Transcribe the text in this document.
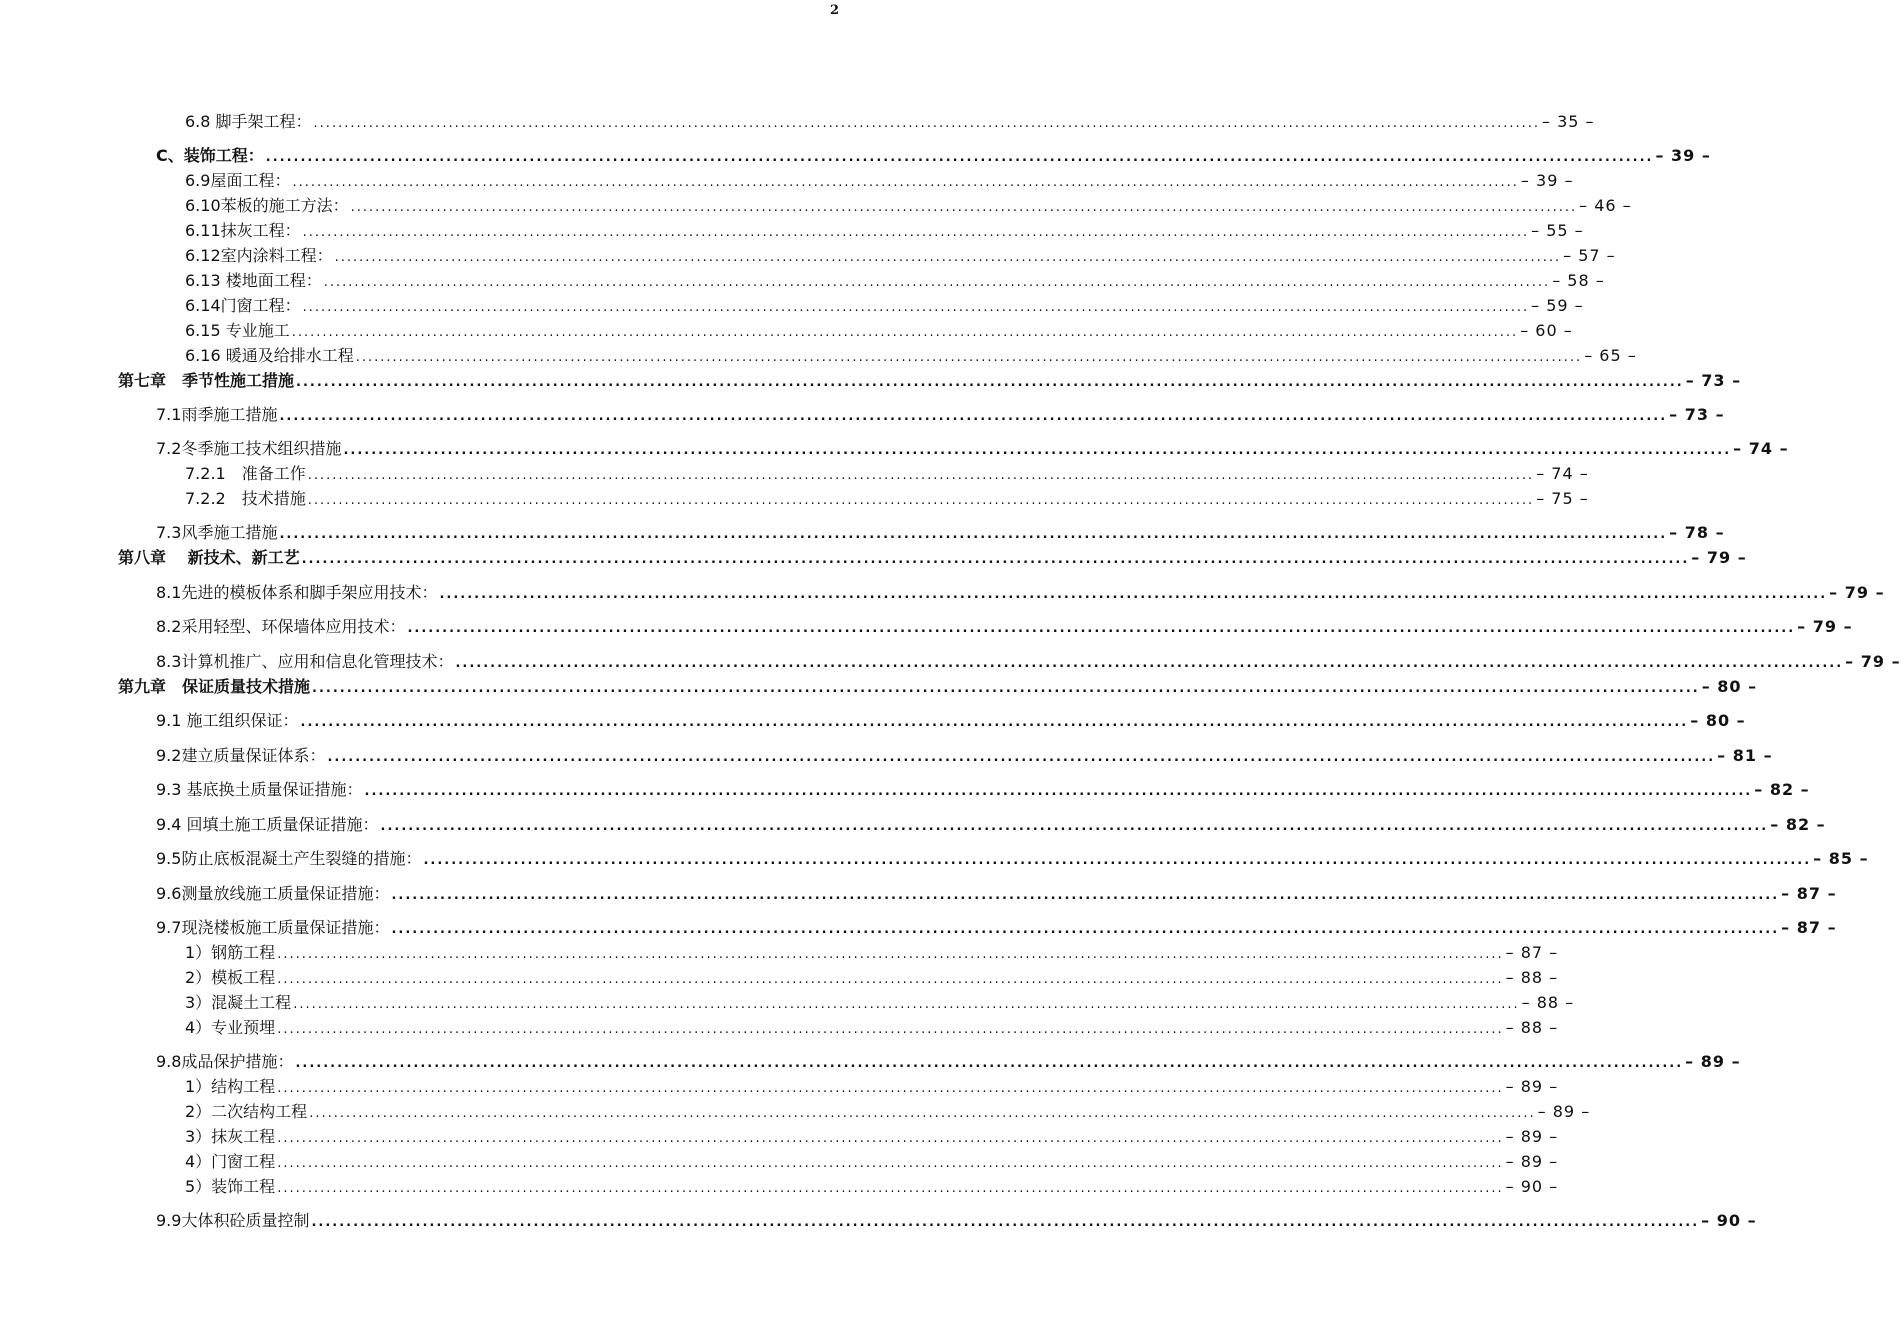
2
6.8 脚手架工程： ........................................................................................................................................................................................................ – 35 –
C、装饰工程： ........................................................................................................................................................................................................ – 39 –
6.9屋面工程： ........................................................................................................................................................................................................ – 39 –
6.10苯板的施工方法： ........................................................................................................................................................................................................ – 46 –
6.11抹灰工程： ........................................................................................................................................................................................................ – 55 –
6.12室内涂料工程： ........................................................................................................................................................................................................ – 57 –
6.13 楼地面工程： ........................................................................................................................................................................................................ – 58 –
6.14门窗工程： ........................................................................................................................................................................................................ – 59 –
6.15 专业施工 ........................................................................................................................................................................................................ – 60 –
6.16 暖通及给排水工程 ........................................................................................................................................................................................................ – 65 –
第七章　季节性施工措施 ........................................................................................................................................................................................................ – 73 –
7.1雨季施工措施 ........................................................................................................................................................................................................ – 73 –
7.2冬季施工技术组织措施 ........................................................................................................................................................................................................ – 74 –
7.2.1　准备工作 ........................................................................................................................................................................................................ – 74 –
7.2.2　技术措施 ........................................................................................................................................................................................................ – 75 –
7.3风季施工措施 ........................................................................................................................................................................................................ – 78 –
第八章　 新技术、新工艺 ........................................................................................................................................................................................................ – 79 –
8.1先进的模板体系和脚手架应用技术： ........................................................................................................................................................................................................ – 79 –
8.2采用轻型、环保墙体应用技术： ........................................................................................................................................................................................................ – 79 –
8.3计算机推广、应用和信息化管理技术： ........................................................................................................................................................................................................ – 79 –
第九章　保证质量技术措施 ........................................................................................................................................................................................................ – 80 –
9.1 施工组织保证： ........................................................................................................................................................................................................ – 80 –
9.2建立质量保证体系： ........................................................................................................................................................................................................ – 81 –
9.3 基底换土质量保证措施： ........................................................................................................................................................................................................ – 82 –
9.4 回填土施工质量保证措施： ........................................................................................................................................................................................................ – 82 –
9.5防止底板混凝土产生裂缝的措施： ........................................................................................................................................................................................................ – 85 –
9.6测量放线施工质量保证措施： ........................................................................................................................................................................................................ – 87 –
9.7现浇楼板施工质量保证措施： ........................................................................................................................................................................................................ – 87 –
1）钢筋工程 ........................................................................................................................................................................................................ – 87 –
2）模板工程 ........................................................................................................................................................................................................ – 88 –
3）混凝土工程 ........................................................................................................................................................................................................ – 88 –
4）专业预埋 ........................................................................................................................................................................................................ – 88 –
9.8成品保护措施： ........................................................................................................................................................................................................ – 89 –
1）结构工程 ........................................................................................................................................................................................................ – 89 –
2）二次结构工程 ........................................................................................................................................................................................................ – 89 –
3）抹灰工程 ........................................................................................................................................................................................................ – 89 –
4）门窗工程 ........................................................................................................................................................................................................ – 89 –
5）装饰工程 ........................................................................................................................................................................................................ – 90 –
9.9大体积砼质量控制 ........................................................................................................................................................................................................ – 90 –
